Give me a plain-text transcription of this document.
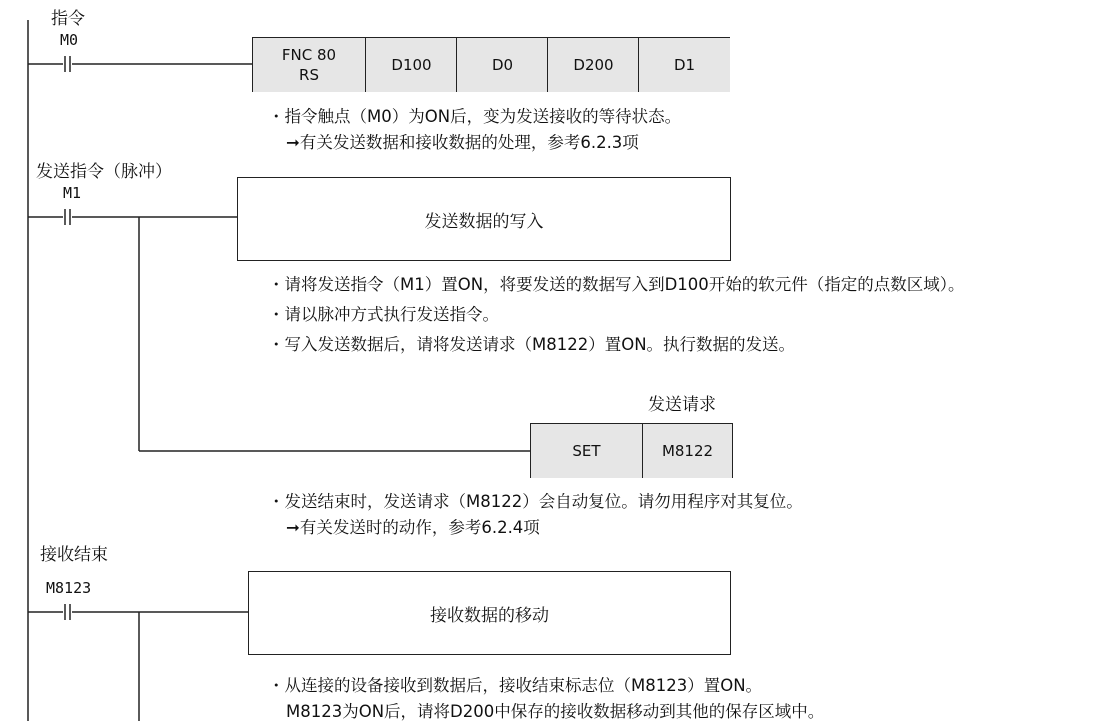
指令
M0
FNC 80
RS
D100	D0	D200	D1
・指令触点（M0）为ON后，变为发送接收的等待状态。
➞有关发送数据和接收数据的处理，参考6.2.3项
发送指令（脉冲）
M1
发送数据的写入
・请将发送指令（M1）置ON，将要发送的数据写入到D100开始的软元件（指定的点数区域）。
・请以脉冲方式执行发送指令。
・写入发送数据后，请将发送请求（M8122）置ON。执行数据的发送。
发送请求
SET	M8122
・发送结束时，发送请求（M8122）会自动复位。请勿用程序对其复位。
➞有关发送时的动作，参考6.2.4项
接收结束
M8123
接收数据的移动
・从连接的设备接收到数据后，接收结束标志位（M8123）置ON。
M8123为ON后，请将D200中保存的接收数据移动到其他的保存区域中。
